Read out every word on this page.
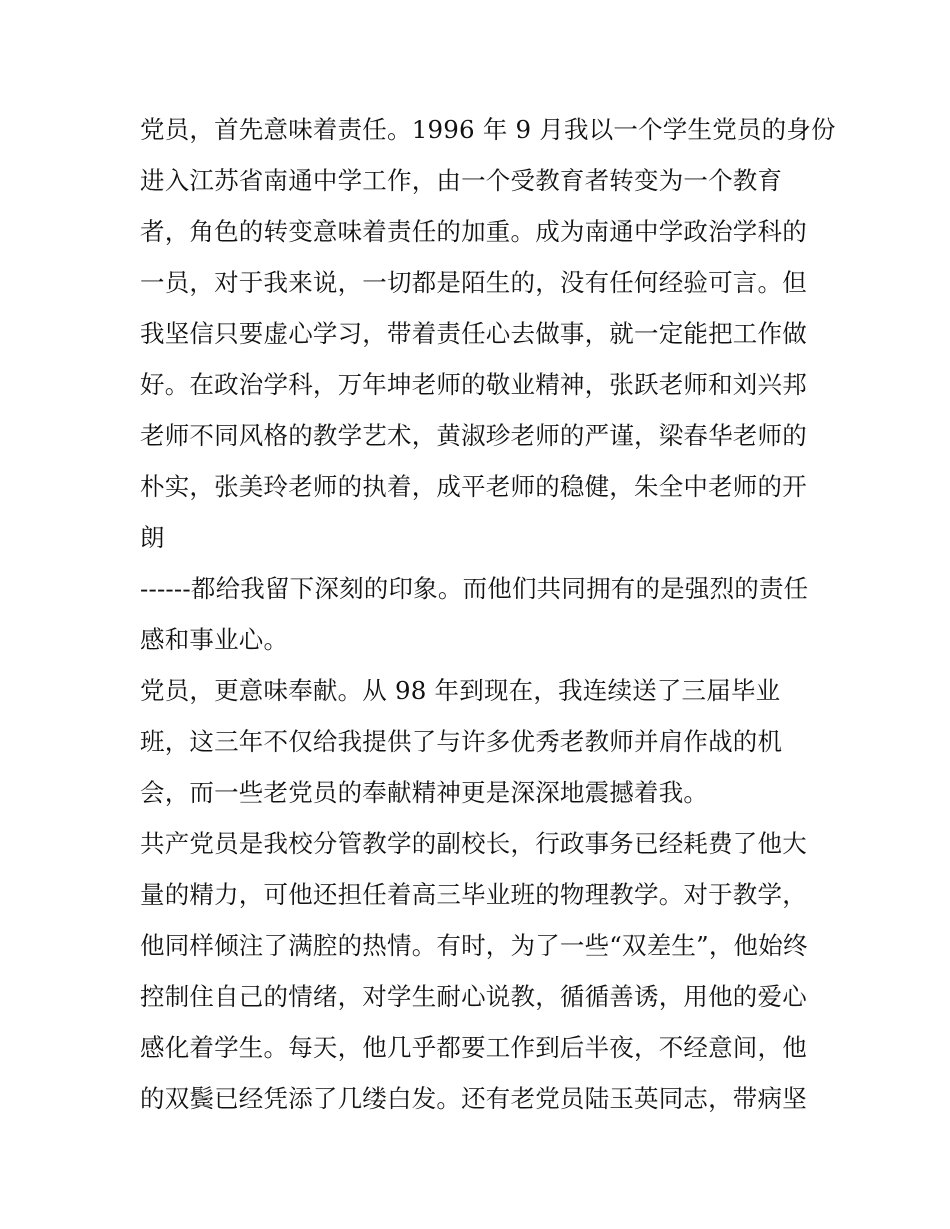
党员，首先意味着责任。1996 年 9 月我以一个学生党员的身份
进入江苏省南通中学工作，由一个受教育者转变为一个教育
者，角色的转变意味着责任的加重。成为南通中学政治学科的
一员，对于我来说，一切都是陌生的，没有任何经验可言。但
我坚信只要虚心学习，带着责任心去做事，就一定能把工作做
好。在政治学科，万年坤老师的敬业精神，张跃老师和刘兴邦
老师不同风格的教学艺术，黄淑珍老师的严谨，梁春华老师的
朴实，张美玲老师的执着，成平老师的稳健，朱全中老师的开
朗
------都给我留下深刻的印象。而他们共同拥有的是强烈的责任
感和事业心。
党员，更意味奉献。从 98 年到现在，我连续送了三届毕业
班，这三年不仅给我提供了与许多优秀老教师并肩作战的机
会，而一些老党员的奉献精神更是深深地震撼着我。
共产党员是我校分管教学的副校长，行政事务已经耗费了他大
量的精力，可他还担任着高三毕业班的物理教学。对于教学，
他同样倾注了满腔的热情。有时，为了一些“双差生”，他始终
控制住自己的情绪，对学生耐心说教，循循善诱，用他的爱心
感化着学生。每天，他几乎都要工作到后半夜，不经意间，他
的双鬓已经凭添了几缕白发。还有老党员陆玉英同志，带病坚
